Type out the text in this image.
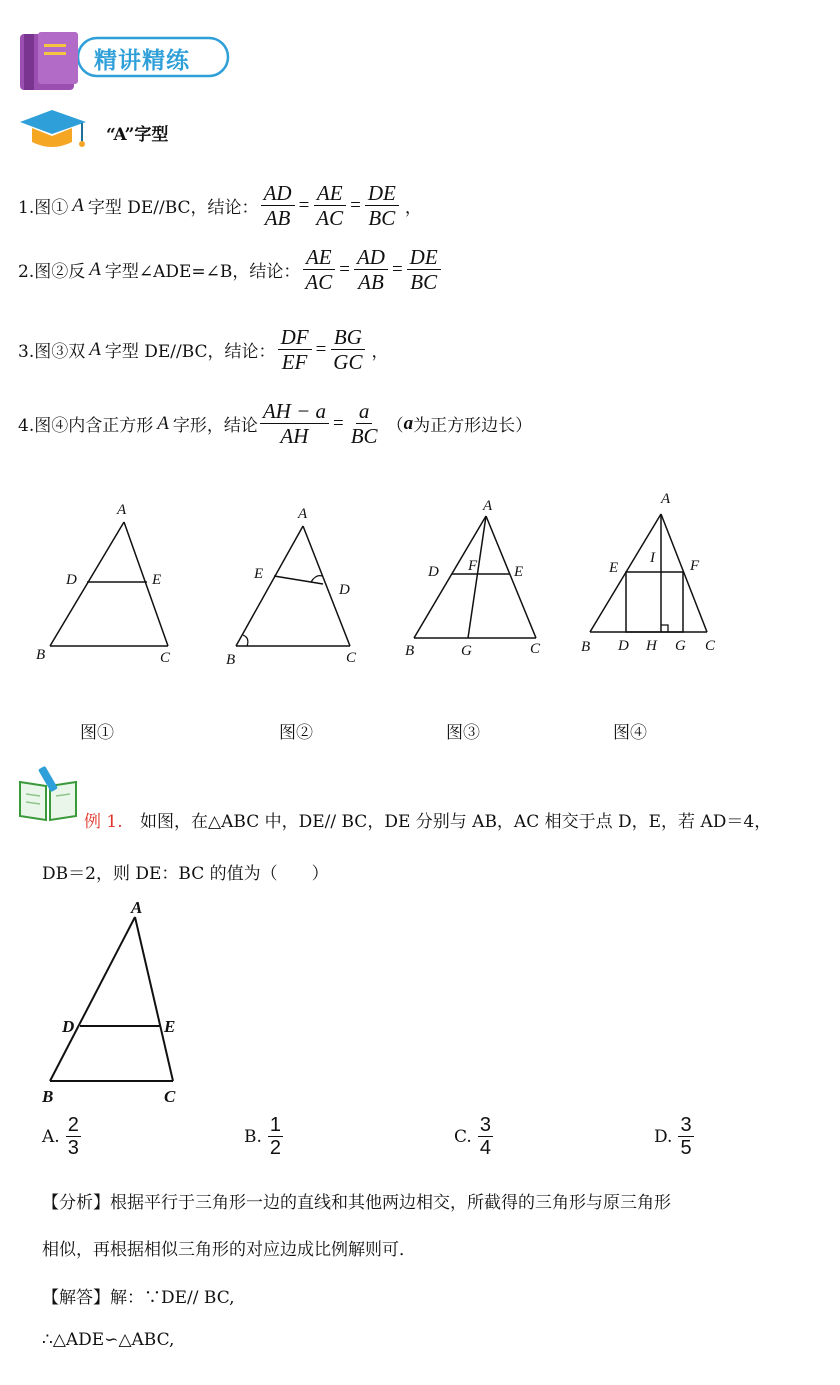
精讲精练
“A”字型
1.图① A 字型 DE//BC，结论： $\frac{AD}{AB} = \frac{AE}{AC} = \frac{DE}{BC}$ ，
2.图②反 A 字型∠ADE=∠B，结论： $\frac{AE}{AC} = \frac{AD}{AB} = \frac{DE}{BC}$
3.图③双 A 字型 DE//BC，结论： $\frac{DF}{EF} = \frac{BG}{GC}$ ，
4.图④内含正方形 A 字形，结论 $\frac{AH - a}{AH} = \frac{a}{BC}$ （ a 为正方形边长）
A
D	E
B	C
A
E
D
B	C
A
D F E
B	G	C
A
E
I F
B D H G C
图①	图②	图③	图④
例 1. 如图，在△ABC 中，DE// BC，DE 分别与 AB，AC 相交于点 D，E，若 AD＝4，
DB＝2，则 DE：BC 的值为（　　）
A
D	E
B	C
A. $\frac{2}{3}$	B. $\frac{1}{2}$	C. $\frac{3}{4}$	D. $\frac{3}{5}$
【分析】根据平行于三角形一边的直线和其他两边相交，所截得的三角形与原三角形
相似，再根据相似三角形的对应边成比例解则可．
【解答】解：∵DE// BC,
∴△ADE∽△ABC,
